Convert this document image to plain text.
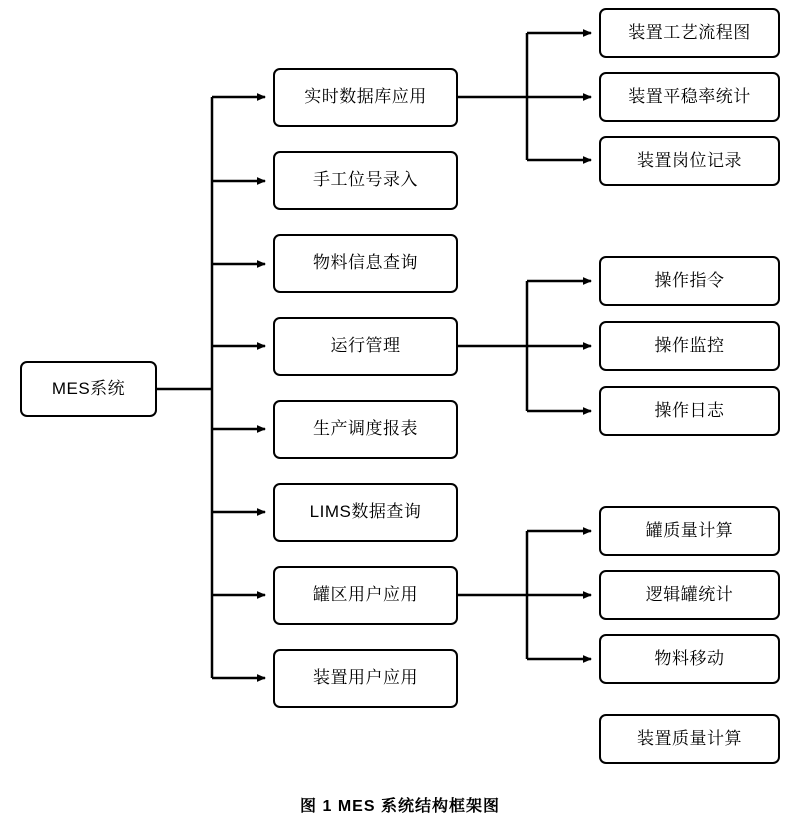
MES系统
实时数据库应用
手工位号录入
物料信息查询
运行管理
生产调度报表
LIMS数据查询
罐区用户应用
装置用户应用
装置工艺流程图
装置平稳率统计
装置岗位记录
操作指令
操作监控
操作日志
罐质量计算
逻辑罐统计
物料移动
装置质量计算
图 1 MES 系统结构框架图
